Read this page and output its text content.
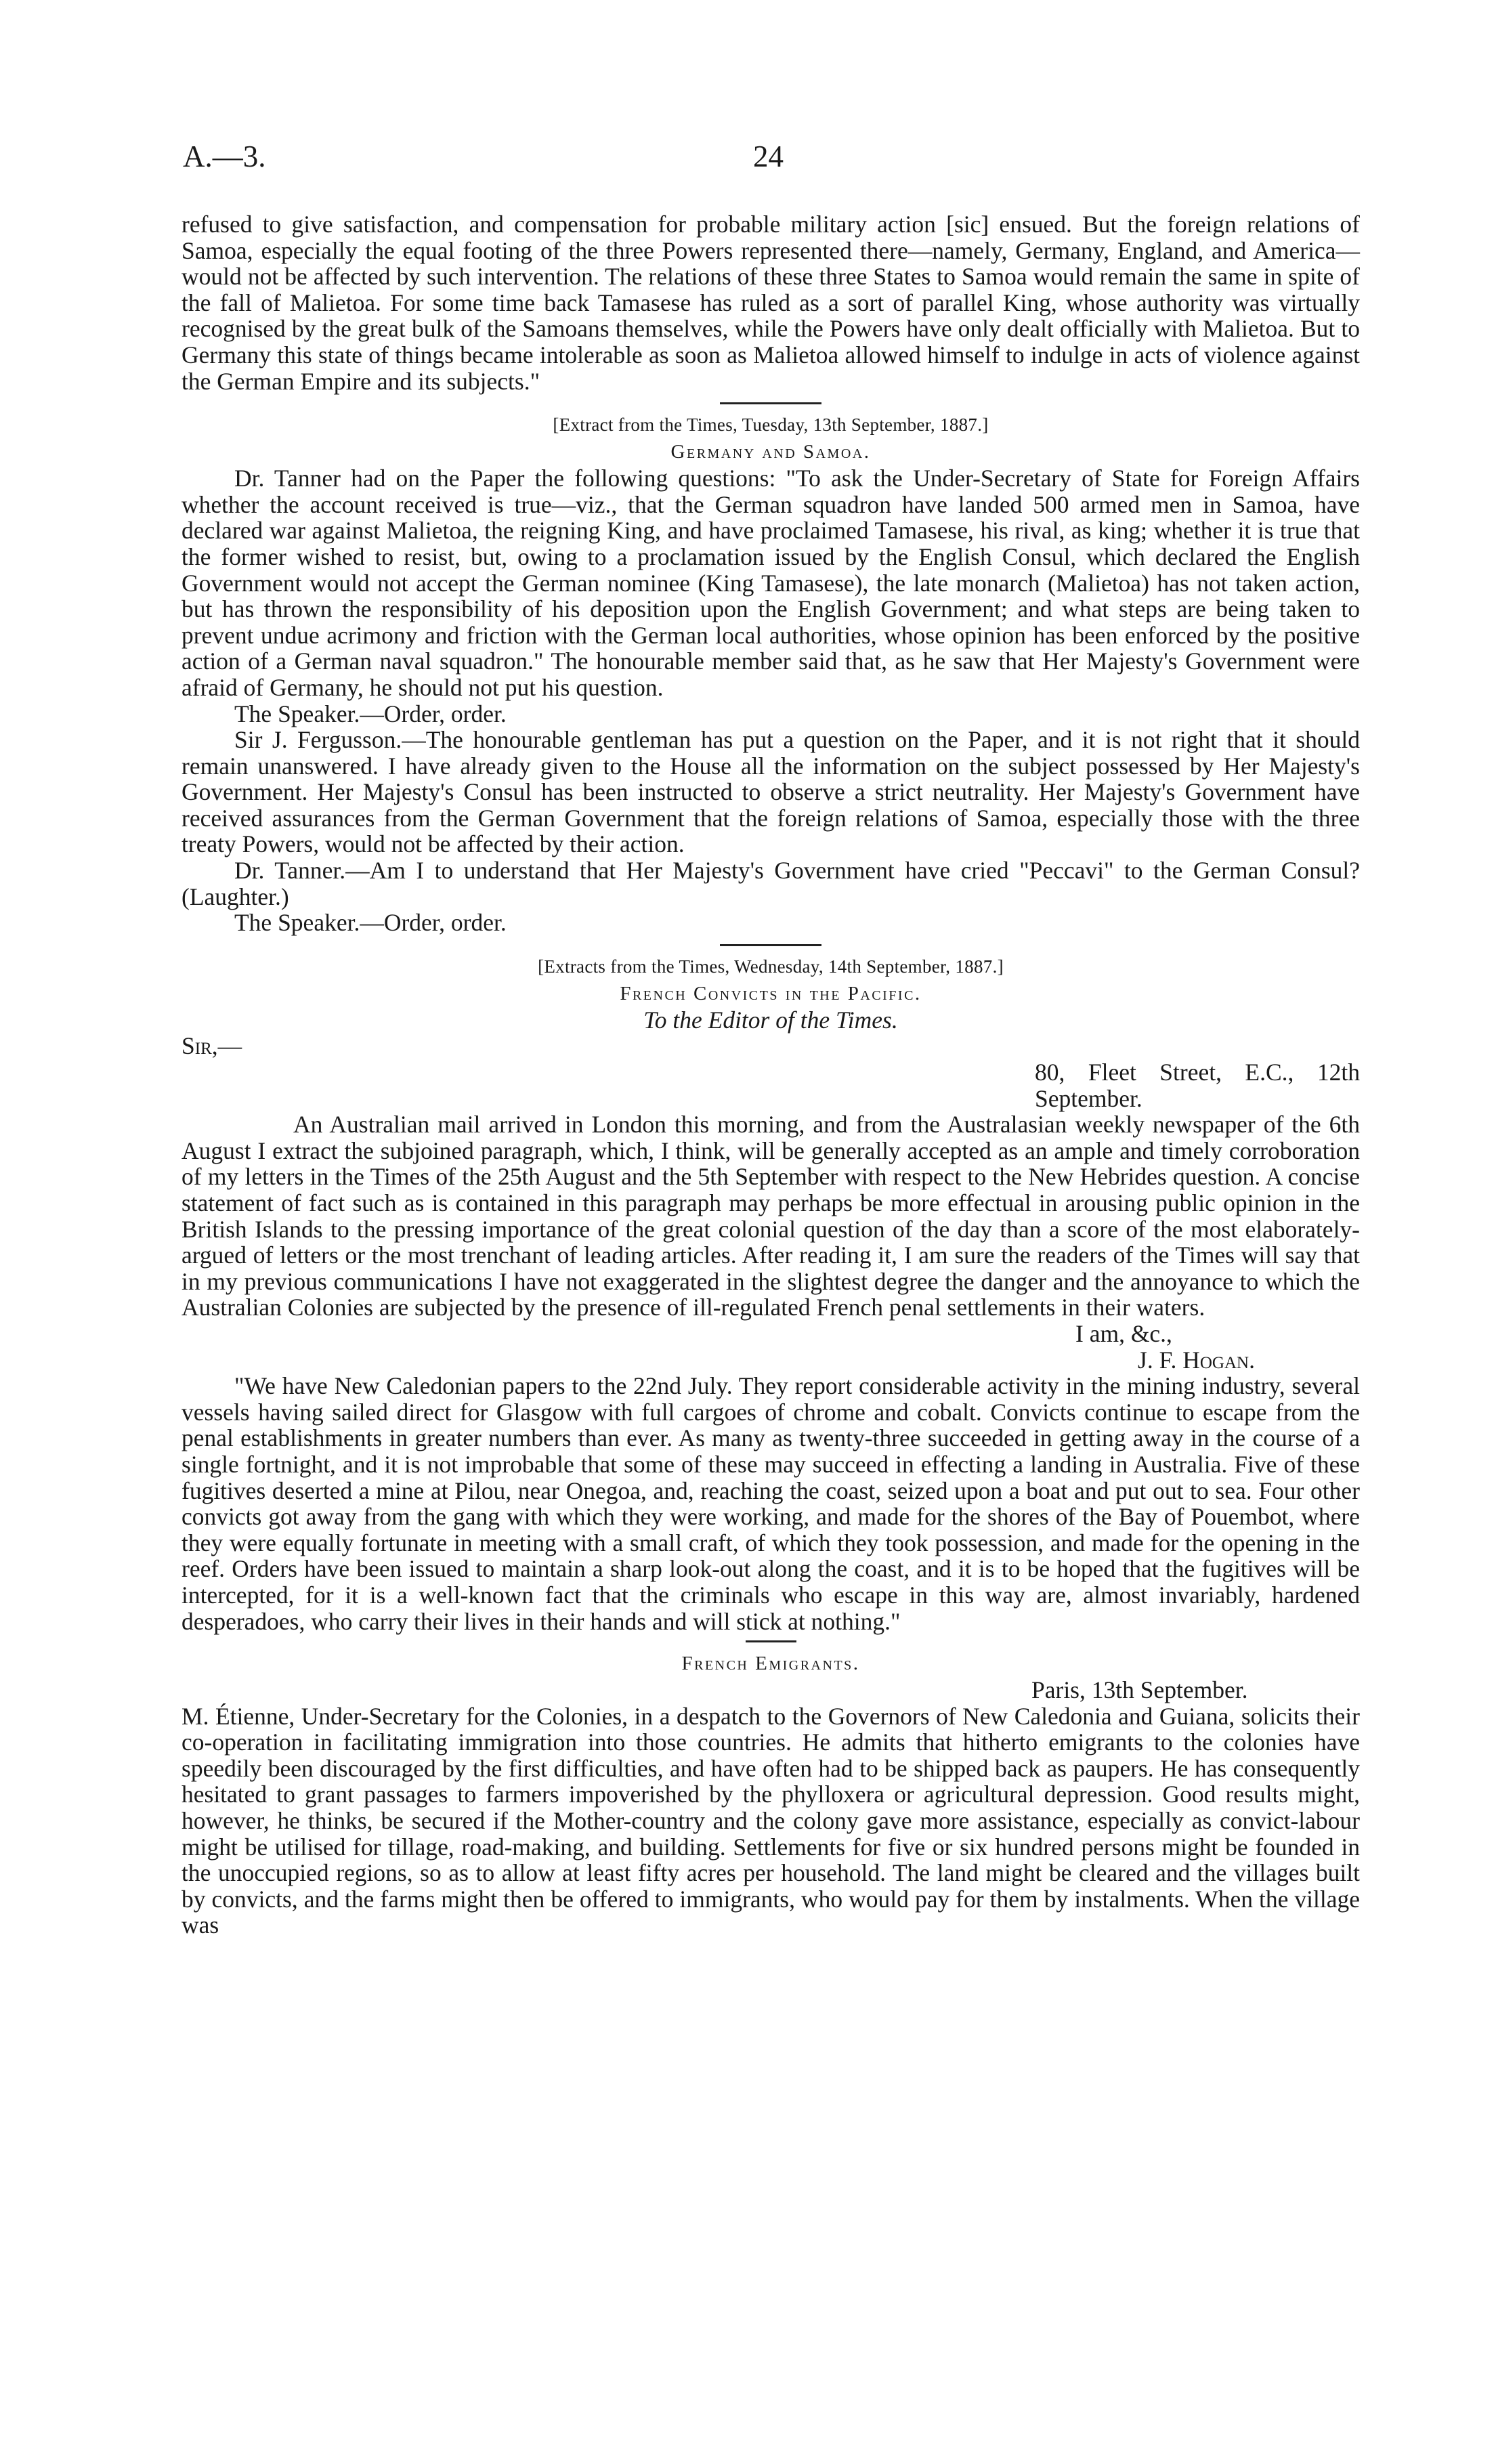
A.—3.	24

refused to give satisfaction, and compensation for probable military action [sic] ensued. But the foreign relations of Samoa, especially the equal footing of the three Powers represented there—namely, Germany, England, and America—would not be affected by such intervention. The relations of these three States to Samoa would remain the same in spite of the fall of Malietoa. For some time back Tamasese has ruled as a sort of parallel King, whose authority was virtually recognised by the great bulk of the Samoans themselves, while the Powers have only dealt officially with Malietoa. But to Germany this state of things became intolerable as soon as Malietoa allowed himself to indulge in acts of violence against the German Empire and its subjects."

[Extract from the Times, Tuesday, 13th September, 1887.]

Germany and Samoa.

Dr. Tanner had on the Paper the following questions: "To ask the Under-Secretary of State for Foreign Affairs whether the account received is true—viz., that the German squadron have landed 500 armed men in Samoa, have declared war against Malietoa, the reigning King, and have proclaimed Tamasese, his rival, as king; whether it is true that the former wished to resist, but, owing to a proclamation issued by the English Consul, which declared the English Government would not accept the German nominee (King Tamasese), the late monarch (Malietoa) has not taken action, but has thrown the responsibility of his deposition upon the English Government; and what steps are being taken to prevent undue acrimony and friction with the German local authorities, whose opinion has been enforced by the positive action of a German naval squadron." The honourable member said that, as he saw that Her Majesty's Government were afraid of Germany, he should not put his question.

The Speaker.—Order, order.

Sir J. Fergusson.—The honourable gentleman has put a question on the Paper, and it is not right that it should remain unanswered. I have already given to the House all the information on the subject possessed by Her Majesty's Government. Her Majesty's Consul has been instructed to observe a strict neutrality. Her Majesty's Government have received assurances from the German Government that the foreign relations of Samoa, especially those with the three treaty Powers, would not be affected by their action.

Dr. Tanner.—Am I to understand that Her Majesty's Government have cried "Peccavi" to the German Consul? (Laughter.)

The Speaker.—Order, order.

[Extracts from the Times, Wednesday, 14th September, 1887.]

French Convicts in the Pacific.

To the Editor of the Times.

Sir,—

80, Fleet Street, E.C., 12th September.

An Australian mail arrived in London this morning, and from the Australasian weekly newspaper of the 6th August I extract the subjoined paragraph, which, I think, will be generally accepted as an ample and timely corroboration of my letters in the Times of the 25th August and the 5th September with respect to the New Hebrides question. A concise statement of fact such as is contained in this paragraph may perhaps be more effectual in arousing public opinion in the British Islands to the pressing importance of the great colonial question of the day than a score of the most elaborately-argued of letters or the most trenchant of leading articles. After reading it, I am sure the readers of the Times will say that in my previous communications I have not exaggerated in the slightest degree the danger and the annoyance to which the Australian Colonies are subjected by the presence of ill-regulated French penal settlements in their waters.

I am, &c.,

J. F. Hogan.

"We have New Caledonian papers to the 22nd July. They report considerable activity in the mining industry, several vessels having sailed direct for Glasgow with full cargoes of chrome and cobalt. Convicts continue to escape from the penal establishments in greater numbers than ever. As many as twenty-three succeeded in getting away in the course of a single fortnight, and it is not improbable that some of these may succeed in effecting a landing in Australia. Five of these fugitives deserted a mine at Pilou, near Onegoa, and, reaching the coast, seized upon a boat and put out to sea. Four other convicts got away from the gang with which they were working, and made for the shores of the Bay of Pouembot, where they were equally fortunate in meeting with a small craft, of which they took possession, and made for the opening in the reef. Orders have been issued to maintain a sharp look-out along the coast, and it is to be hoped that the fugitives will be intercepted, for it is a well-known fact that the criminals who escape in this way are, almost invariably, hardened desperadoes, who carry their lives in their hands and will stick at nothing."

French Emigrants.

Paris, 13th September.

M. Étienne, Under-Secretary for the Colonies, in a despatch to the Governors of New Caledonia and Guiana, solicits their co-operation in facilitating immigration into those countries. He admits that hitherto emigrants to the colonies have speedily been discouraged by the first difficulties, and have often had to be shipped back as paupers. He has consequently hesitated to grant passages to farmers impoverished by the phylloxera or agricultural depression. Good results might, however, he thinks, be secured if the Mother-country and the colony gave more assistance, especially as convict-labour might be utilised for tillage, road-making, and building. Settlements for five or six hundred persons might be founded in the unoccupied regions, so as to allow at least fifty acres per household. The land might be cleared and the villages built by convicts, and the farms might then be offered to immigrants, who would pay for them by instalments. When the village was
